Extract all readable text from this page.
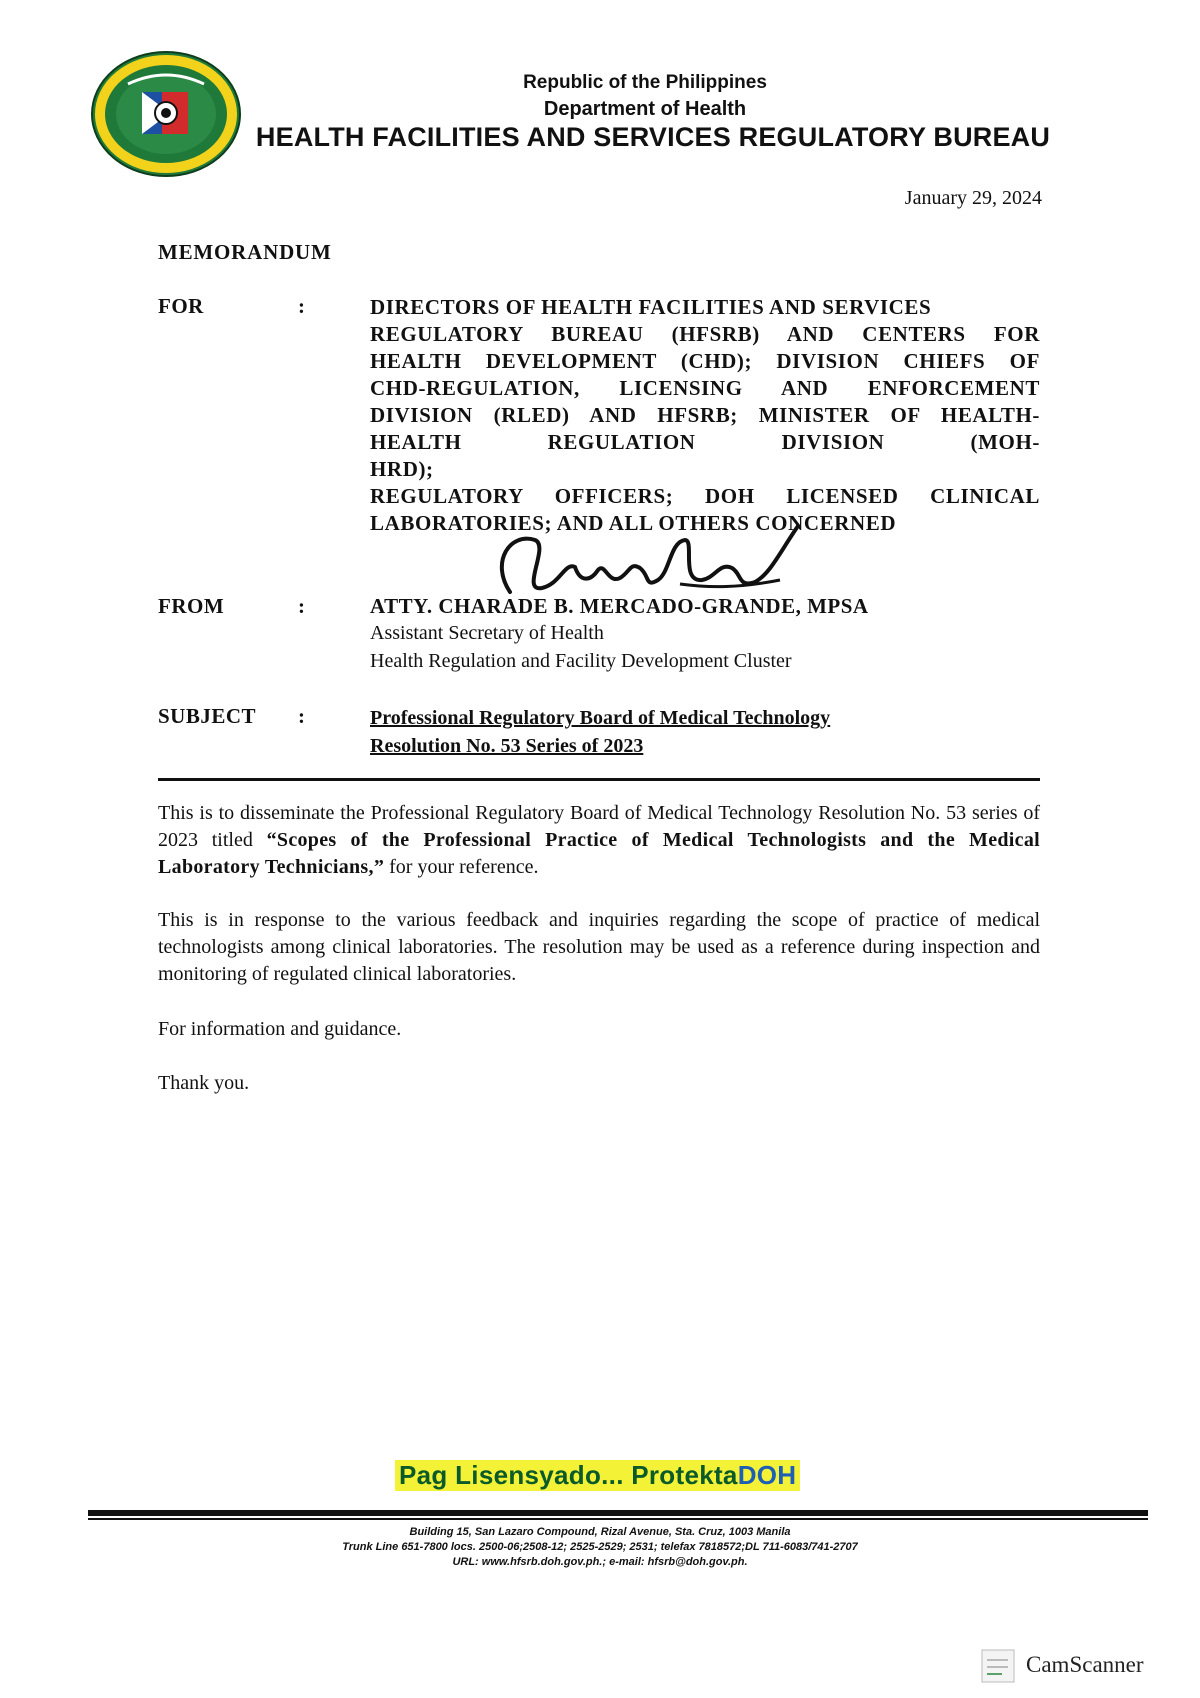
Republic of the Philippines
Department of Health
HEALTH FACILITIES AND SERVICES REGULATORY BUREAU
January 29, 2024
MEMORANDUM
FOR	:	DIRECTORS OF HEALTH FACILITIES AND SERVICES
REGULATORY BUREAU (HFSRB) AND CENTERS FOR
HEALTH DEVELOPMENT (CHD); DIVISION CHIEFS OF
CHD-REGULATION, LICENSING AND ENFORCEMENT
DIVISION (RLED) AND HFSRB; MINISTER OF HEALTH-
HEALTH REGULATION DIVISION (MOH-HRD);
REGULATORY OFFICERS; DOH LICENSED CLINICAL
LABORATORIES; AND ALL OTHERS CONCERNED
FROM	:	ATTY. CHARADE B. MERCADO-GRANDE, MPSA
Assistant Secretary of Health
Health Regulation and Facility Development Cluster
SUBJECT :	Professional Regulatory Board of Medical Technology
Resolution No. 53 Series of 2023
This is to disseminate the Professional Regulatory Board of Medical Technology Resolution No. 53 series of 2023 titled “Scopes of the Professional Practice of Medical Technologists and the Medical Laboratory Technicians,” for your reference.
This is in response to the various feedback and inquiries regarding the scope of practice of medical technologists among clinical laboratories. The resolution may be used as a reference during inspection and monitoring of regulated clinical laboratories.
For information and guidance.
Thank you.
Pag Lisensyado... ProtektaDOH
Building 15, San Lazaro Compound, Rizal Avenue, Sta. Cruz, 1003 Manila
Trunk Line 651-7800 locs. 2500-06;2508-12; 2525-2529; 2531; telefax 7818572;DL 711-6083/741-2707
URL: www.hfsrb.doh.gov.ph.; e-mail: hfsrb@doh.gov.ph.
CamScanner
